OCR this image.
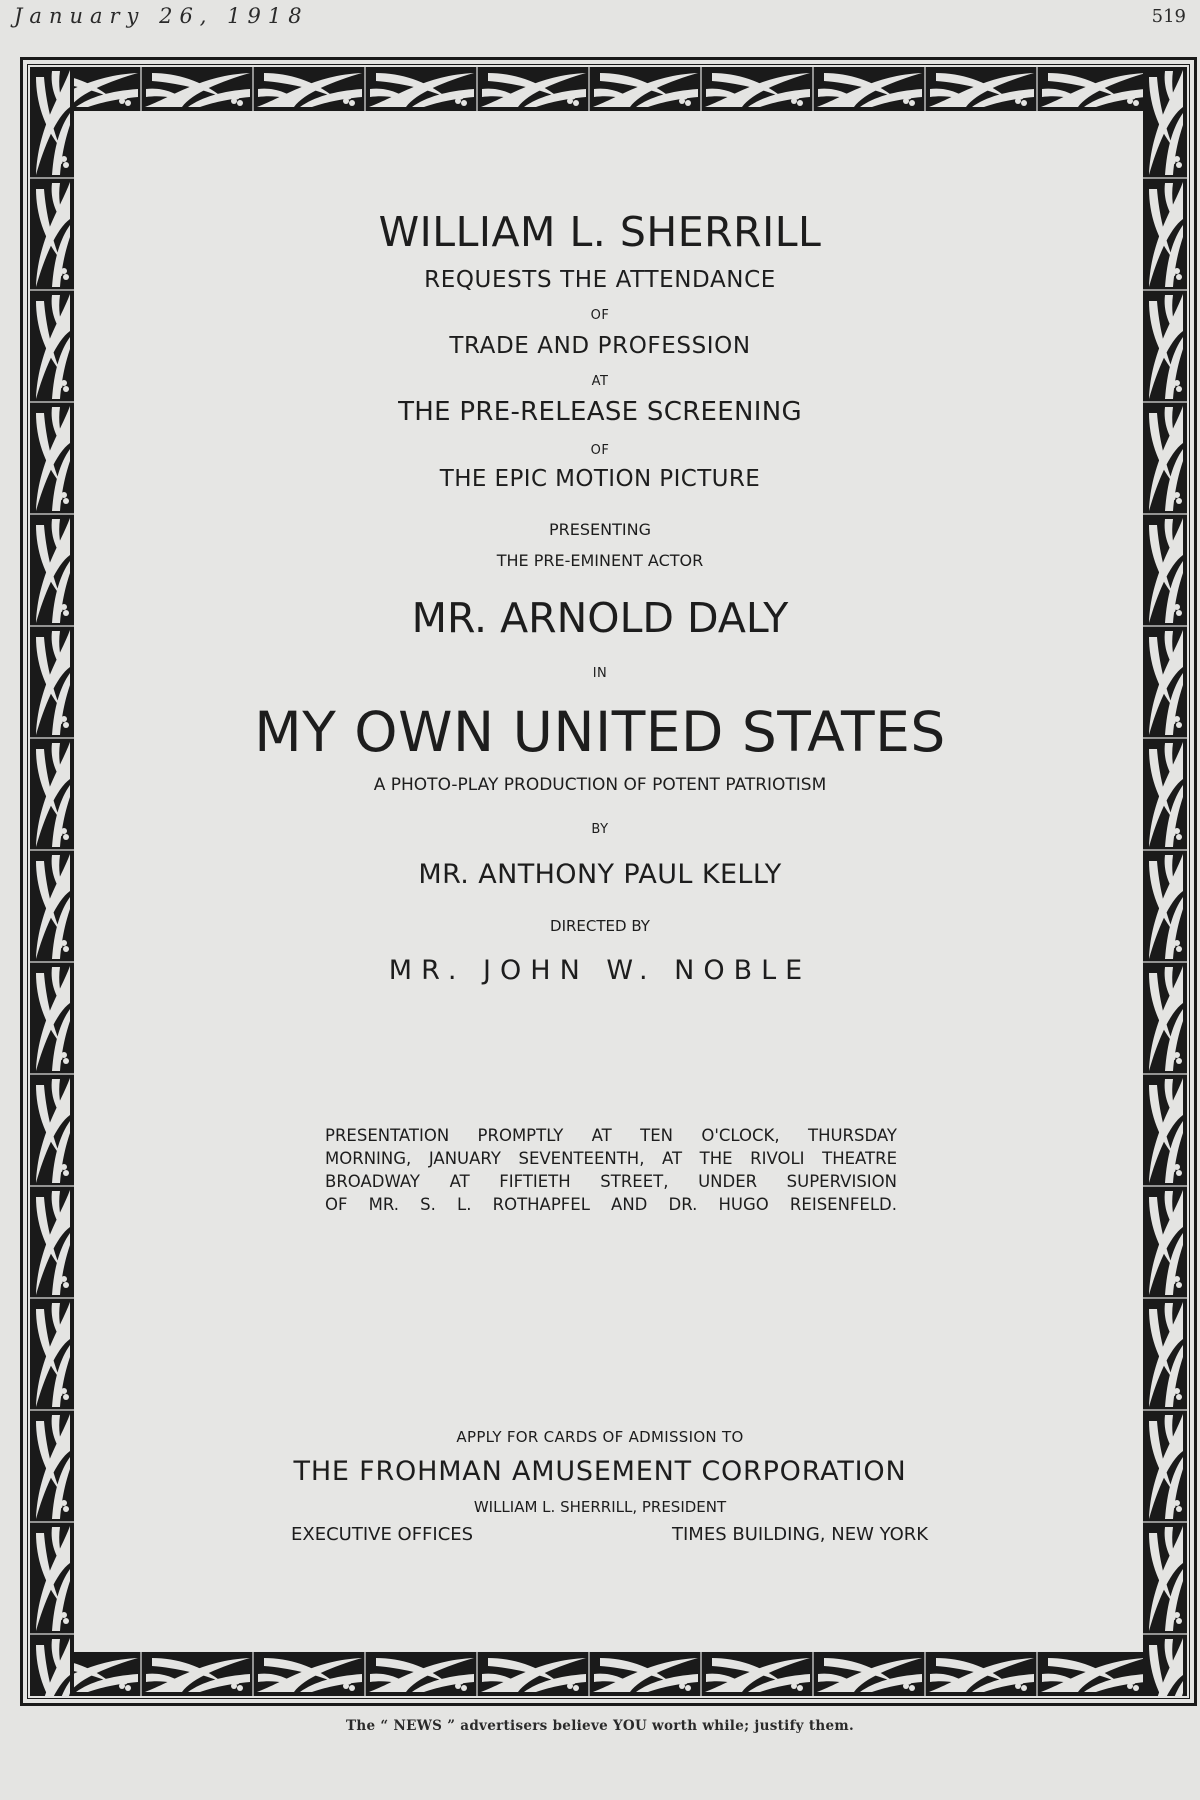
January 26, 1918	519
WILLIAM L. SHERRILL
REQUESTS THE ATTENDANCE
OF
TRADE AND PROFESSION
AT
THE PRE-RELEASE SCREENING
OF
THE EPIC MOTION PICTURE
PRESENTING
THE PRE-EMINENT ACTOR
MR. ARNOLD DALY
IN
MY OWN UNITED STATES
A PHOTO-PLAY PRODUCTION OF POTENT PATRIOTISM
BY
MR. ANTHONY PAUL KELLY
DIRECTED BY
MR. JOHN W. NOBLE
PRESENTATION PROMPTLY AT TEN O'CLOCK, THURSDAY
MORNING, JANUARY SEVENTEENTH, AT THE RIVOLI THEATRE
BROADWAY AT FIFTIETH STREET, UNDER SUPERVISION
OF MR. S. L. ROTHAPFEL AND DR. HUGO REISENFELD.
APPLY FOR CARDS OF ADMISSION TO
THE FROHMAN AMUSEMENT CORPORATION
WILLIAM L. SHERRILL, PRESIDENT
EXECUTIVE OFFICES	TIMES BUILDING, NEW YORK
The “ NEWS ” advertisers believe YOU worth while; justify them.
